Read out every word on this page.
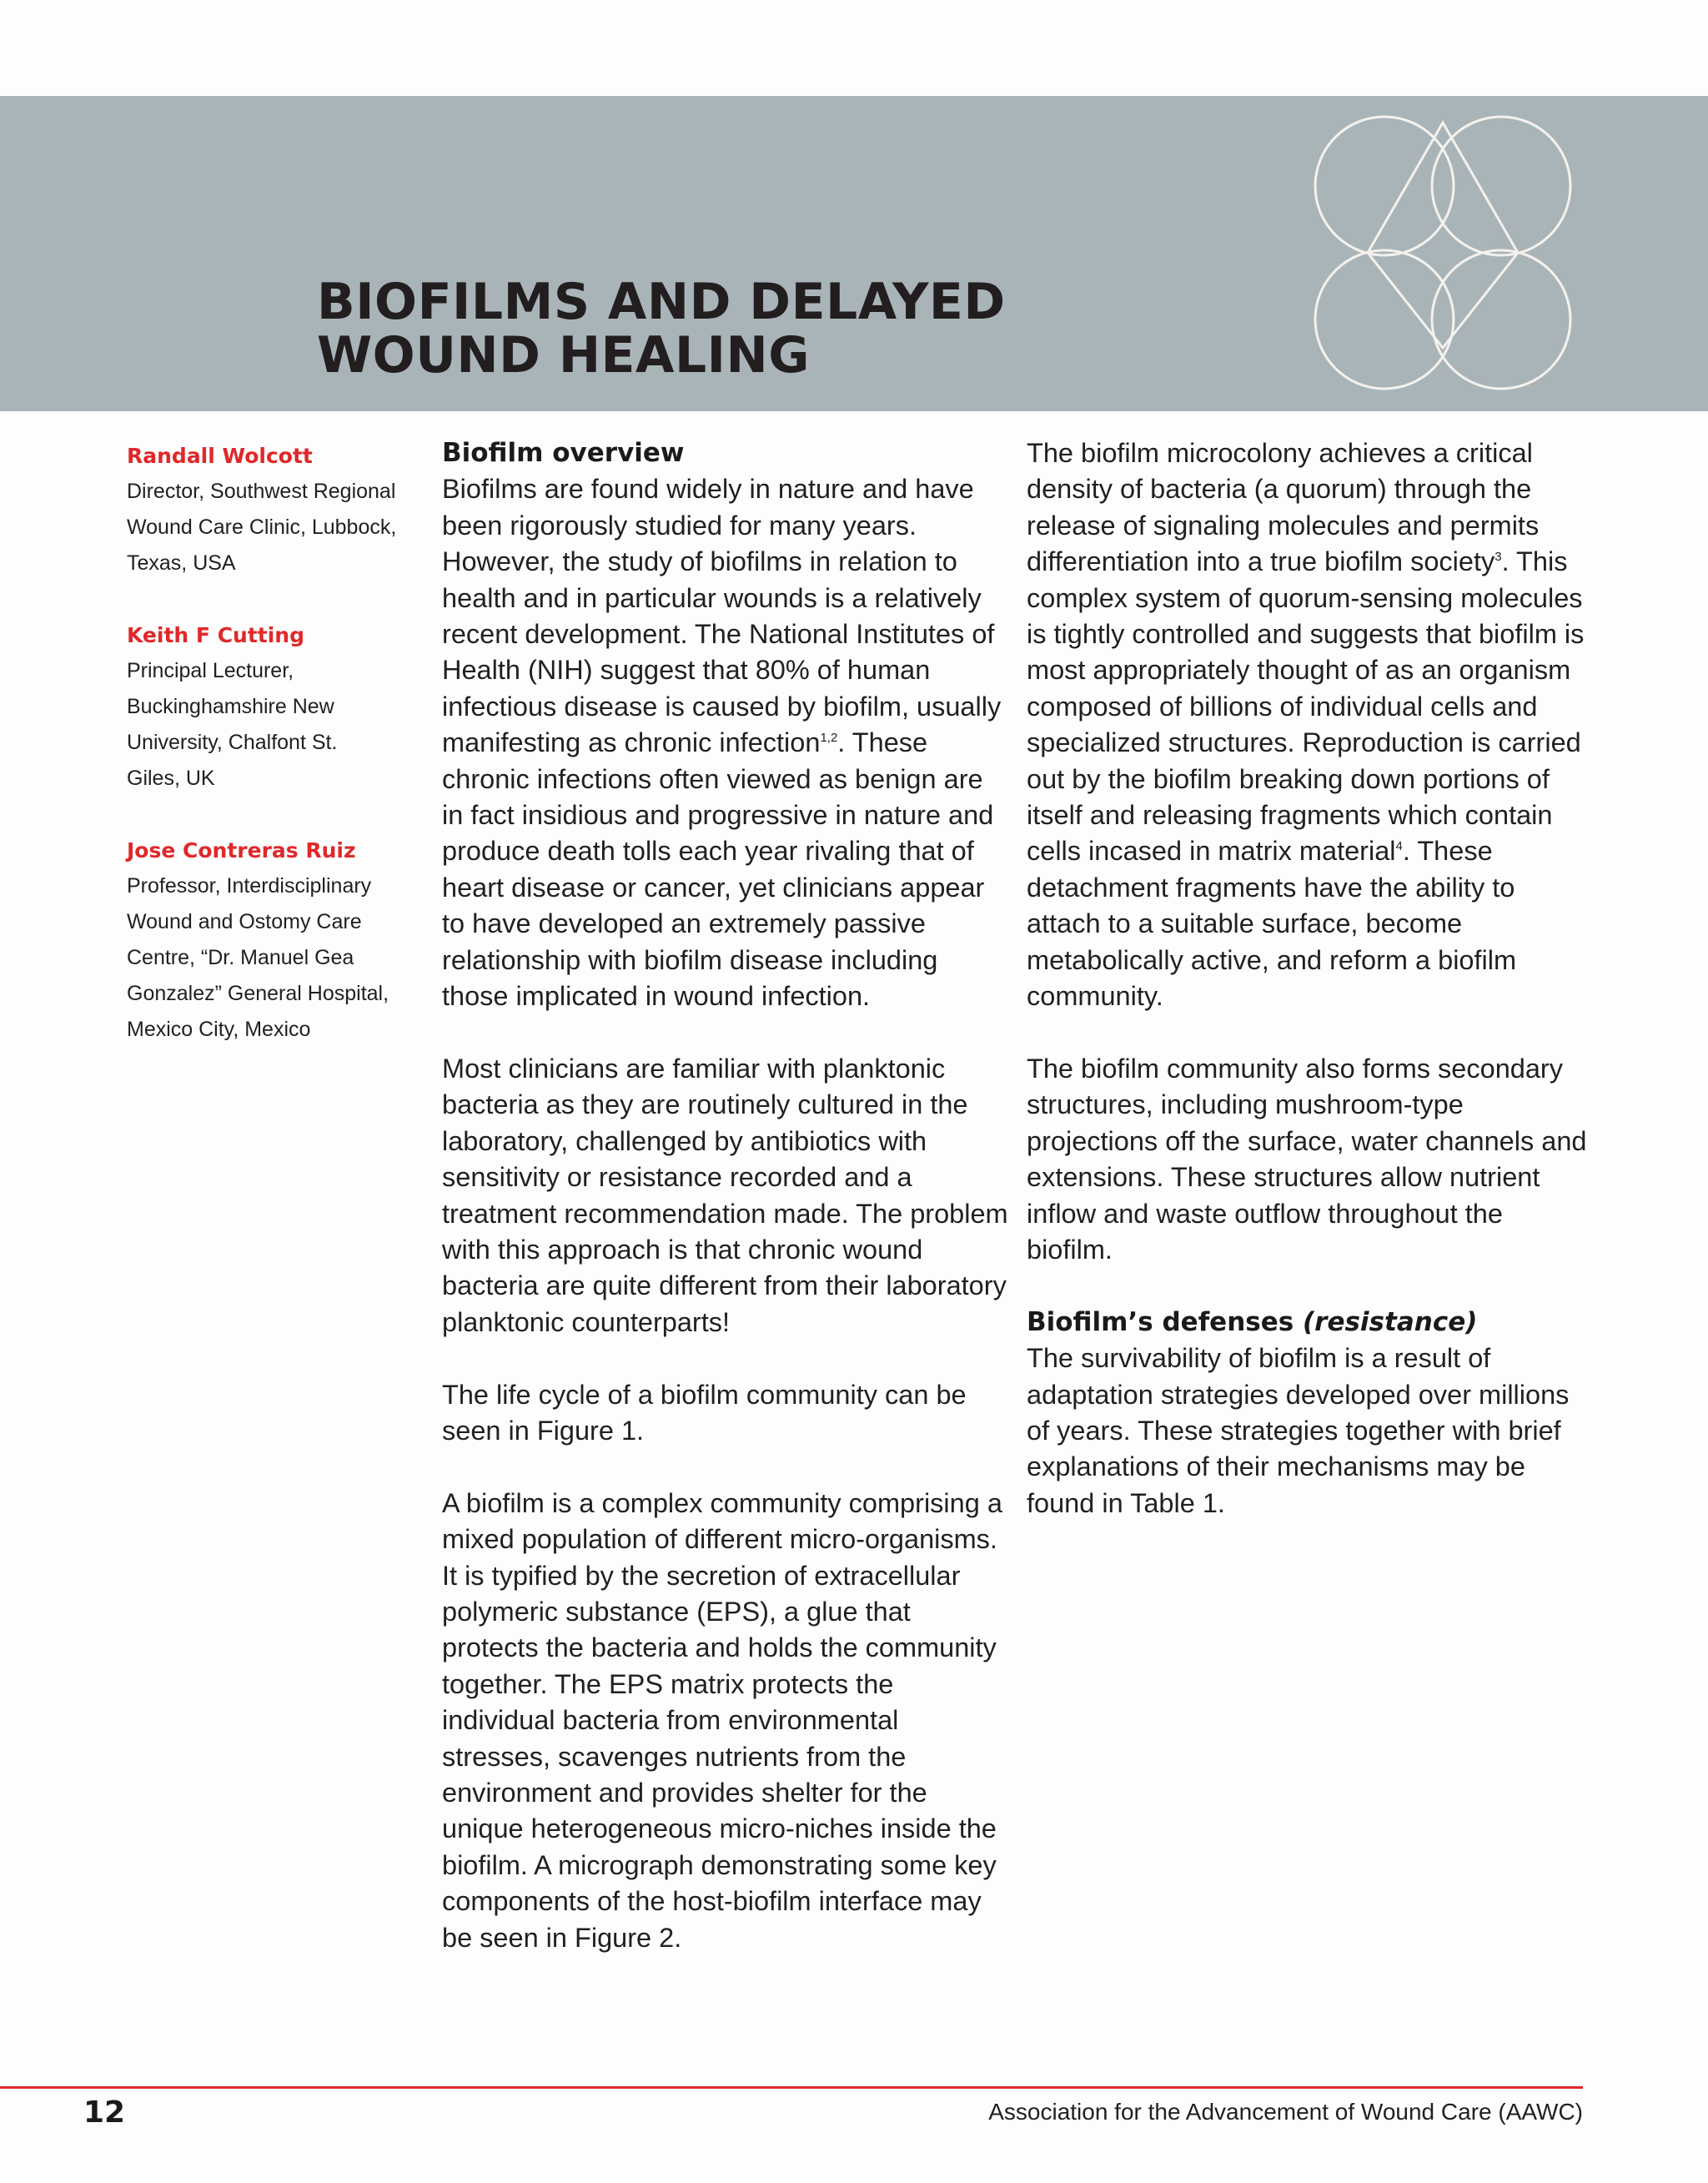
BIOFILMS AND DELAYED
WOUND HEALING
Randall Wolcott
Director, Southwest Regional
Wound Care Clinic, Lubbock,
Texas, USA
Keith F Cutting
Principal Lecturer,
Buckinghamshire New
University, Chalfont St.
Giles, UK
Jose Contreras Ruiz
Professor, Interdisciplinary
Wound and Ostomy Care
Centre, “Dr. Manuel Gea
Gonzalez” General Hospital,
Mexico City, Mexico
Biofilm overview

Biofilms are found widely in nature and have been rigorously studied for many years. However, the study of biofilms in relation to health and in particular wounds is a relatively recent development. The National Institutes of Health (NIH) suggest that 80% of human infectious disease is caused by biofilm, usually manifesting as chronic infection$^{1,2}$. These chronic infections often viewed as benign are in fact insidious and progressive in nature and produce death tolls each year rivaling that of heart disease or cancer, yet clinicians appear to have developed an extremely passive relationship with biofilm disease including those implicated in wound infection.

Most clinicians are familiar with planktonic bacteria as they are routinely cultured in the laboratory, challenged by antibiotics with sensitivity or resistance recorded and a treatment recommendation made. The problem with this approach is that chronic wound bacteria are quite different from their laboratory planktonic counterparts!

The life cycle of a biofilm community can be seen in Figure 1.

A biofilm is a complex community comprising a mixed population of different micro-organisms. It is typified by the secretion of extracellular polymeric substance (EPS), a glue that protects the bacteria and holds the community together. The EPS matrix protects the individual bacteria from environmental stresses, scavenges nutrients from the environment and provides shelter for the unique heterogeneous micro-niches inside the biofilm. A micrograph demonstrating some key components of the host-biofilm interface may be seen in Figure 2.

The biofilm microcolony achieves a critical density of bacteria (a quorum) through the release of signaling molecules and permits differentiation into a true biofilm society$^3$. This complex system of quorum-sensing molecules is tightly controlled and suggests that biofilm is most appropriately thought of as an organism composed of billions of individual cells and specialized structures. Reproduction is carried out by the biofilm breaking down portions of itself and releasing fragments which contain cells incased in matrix material$^4$. These detachment fragments have the ability to attach to a suitable surface, become metabolically active, and reform a biofilm community.

The biofilm community also forms secondary structures, including mushroom-type projections off the surface, water channels and extensions. These structures allow nutrient inflow and waste outflow throughout the biofilm.

Biofilm’s defenses (resistance)

The survivability of biofilm is a result of adaptation strategies developed over millions of years. These strategies together with brief explanations of their mechanisms may be found in Table 1.

12	Association for the Advancement of Wound Care (AAWC)
